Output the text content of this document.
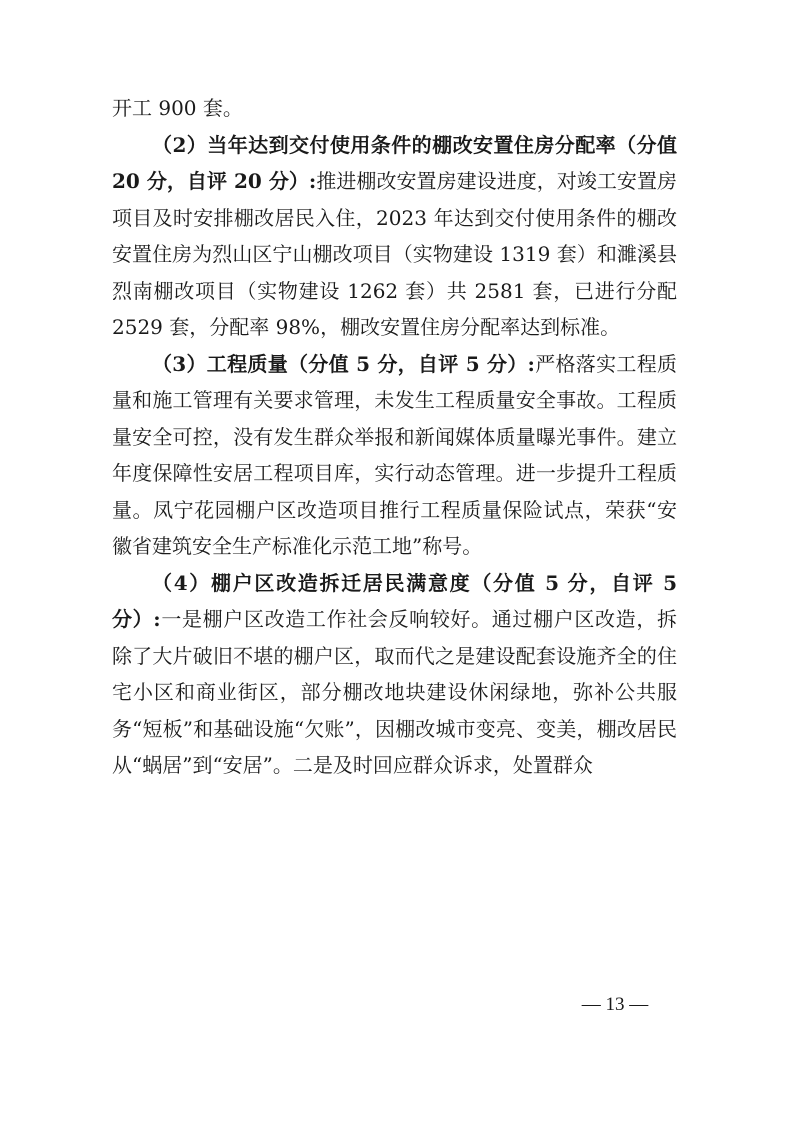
开工 900 套。

（2）当年达到交付使用条件的棚改安置住房分配率（分值 20 分，自评 20 分）:推进棚改安置房建设进度，对竣工安置房项目及时安排棚改居民入住，2023 年达到交付使用条件的棚改安置住房为烈山区宁山棚改项目（实物建设 1319 套）和濉溪县烈南棚改项目（实物建设 1262 套）共 2581 套，已进行分配 2529 套，分配率 98%，棚改安置住房分配率达到标准。

（3）工程质量（分值 5 分，自评 5 分）:严格落实工程质量和施工管理有关要求管理，未发生工程质量安全事故。工程质量安全可控，没有发生群众举报和新闻媒体质量曝光事件。建立年度保障性安居工程项目库，实行动态管理。进一步提升工程质量。凤宁花园棚户区改造项目推行工程质量保险试点，荣获“安徽省建筑安全生产标准化示范工地”称号。

（4）棚户区改造拆迁居民满意度（分值 5 分，自评 5 分）:一是棚户区改造工作社会反响较好。通过棚户区改造，拆除了大片破旧不堪的棚户区，取而代之是建设配套设施齐全的住宅小区和商业街区，部分棚改地块建设休闲绿地，弥补公共服务“短板”和基础设施“欠账”，因棚改城市变亮、变美，棚改居民从“蜗居”到“安居”。二是及时回应群众诉求，处置群众

— 13 —
